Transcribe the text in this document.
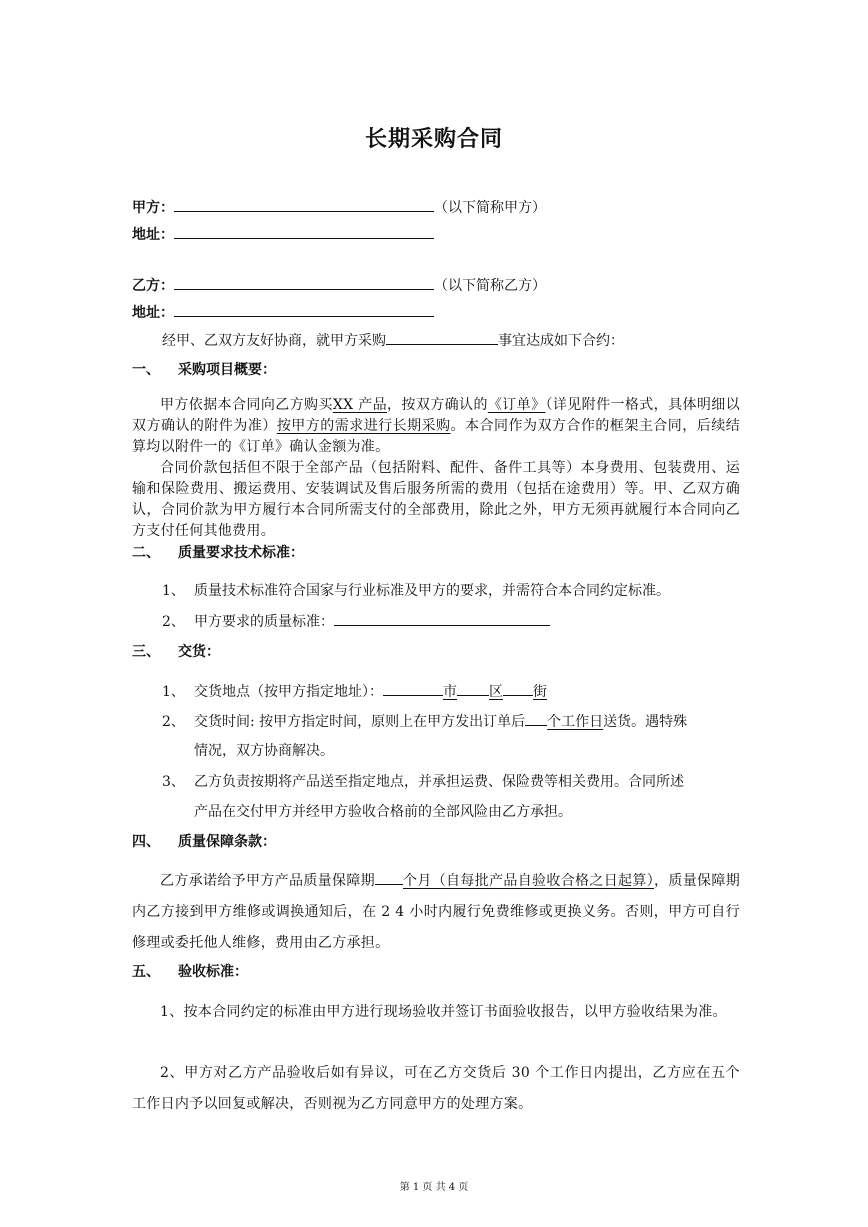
长期采购合同
甲方：	（以下简称甲方）
地址：
乙方：	（以下简称乙方）
地址：
经甲、乙双方友好协商，就甲方采购	事宜达成如下合约：
一、 采购项目概要：
甲方依据本合同向乙方购买XX 产品，按双方确认的《订单》（详见附件一格式，具体明细以双方确认的附件为准）按甲方的需求进行长期采购。本合同作为双方合作的框架主合同，后续结算均以附件一的《订单》确认金额为准。
合同价款包括但不限于全部产品（包括附料、配件、备件工具等）本身费用、包装费用、运输和保险费用、搬运费用、安装调试及售后服务所需的费用（包括在途费用）等。甲、乙双方确认，合同价款为甲方履行本合同所需支付的全部费用，除此之外，甲方无须再就履行本合同向乙方支付任何其他费用。
二、 质量要求技术标准：
1、 质量技术标准符合国家与行业标准及甲方的要求，并需符合本合同约定标准。
2、 甲方要求的质量标准：
三、 交货：
1、 交货地点（按甲方指定地址）：	市 区 街
2、 交货时间: 按甲方指定时间，原则上在甲方发出订单后 个工作日送货。遇特殊
情况，双方协商解决。
3、 乙方负责按期将产品送至指定地点，并承担运费、保险费等相关费用。合同所述
产品在交付甲方并经甲方验收合格前的全部风险由乙方承担。
四、 质量保障条款：
乙方承诺给予甲方产品质量保障期 个月（自每批产品自验收合格之日起算），质量保障期内乙方接到甲方维修或调换通知后，在 2 4 小时内履行免费维修或更换义务。否则，甲方可自行修理或委托他人维修，费用由乙方承担。
五、 验收标准：
1、按本合同约定的标准由甲方进行现场验收并签订书面验收报告，以甲方验收结果为准。
2、甲方对乙方产品验收后如有异议，可在乙方交货后 30 个工作日内提出，乙方应在五个工作日内予以回复或解决，否则视为乙方同意甲方的处理方案。
第 1 页 共 4 页
